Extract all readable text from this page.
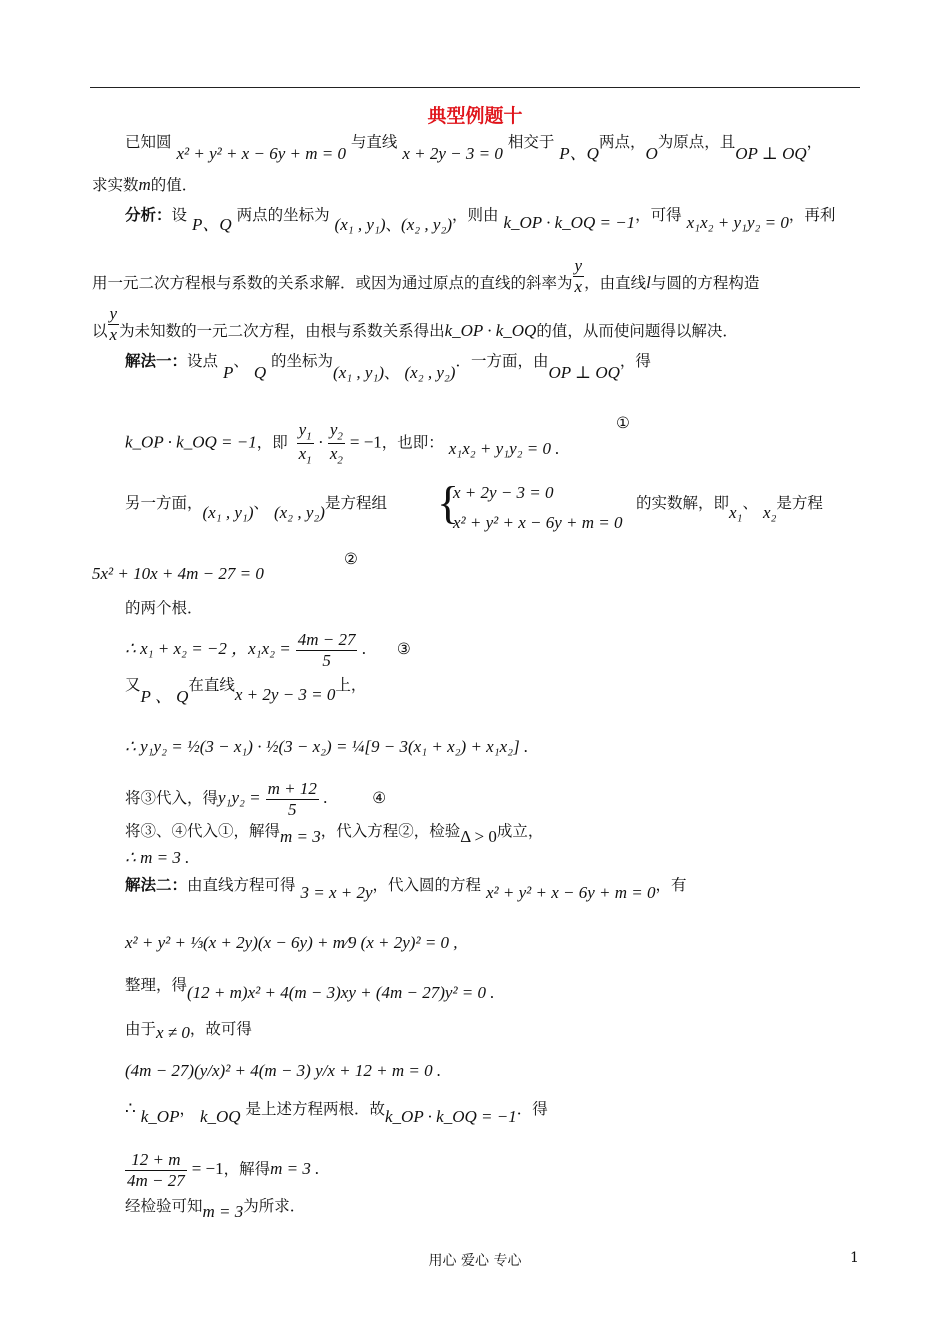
典型例题十
已知圆 x² + y² + x − 6y + m = 0 与直线 x + 2y − 3 = 0 相交于 P、Q两点，O为原点，且OP ⊥ OQ，
求实数m的值．
分析：设 P、Q 两点的坐标为 (x₁ , y₁)、(x₂ , y₂)，则由 k_OP · k_OQ = −1，可得 x₁x₂ + y₁y₂ = 0，再利
用一元二次方程根与系数的关系求解．或因为通过原点的直线的斜率为 $\frac{y}{x}$ ，由直线l与圆的方程构造
以 $\frac{y}{x}$ 为未知数的一元二次方程，由根与系数关系得出k_OP · k_OQ的值，从而使问题得以解决．
解法一：设点 P、 Q 的坐标为(x₁ , y₁)、 (x₂ , y₂)．一方面，由OP ⊥ OQ，得
k_OP · k_OQ = −1，即 $\frac{y_1}{x_1} \cdot \frac{y_2}{x_2} = -1$，也即： x₁x₂ + y₁y₂ = 0 .
①
另一方面，(x₁ , y₁)、 (x₂ , y₂)是方程组 {
x + 2y − 3 = 0
x² + y² + x − 6y + m = 0
的实数解，即x₁、 x₂是方程
5x² + 10x + 4m − 27 = 0
②
的两个根．
∴ x₁ + x₂ = −2 ，$x_1x_2 = \frac{4m - 27}{5}$ . ③
又P 、 Q在直线x + 2y − 3 = 0上，
∴ y₁y₂ = ½(3 − x₁) · ½(3 − x₂) = ¼[9 − 3(x₁ + x₂) + x₁x₂] .
将③代入，得$y_1y_2 = \frac{m + 12}{5}$ .	④
将③、④代入①，解得m = 3，代入方程②，检验Δ > 0成立，
∴ m = 3 .
解法二：由直线方程可得 3 = x + 2y，代入圆的方程 x² + y² + x − 6y + m = 0，有
x² + y² + ⅓(x + 2y)(x − 6y) + m⁄9 (x + 2y)² = 0 ,
整理，得(12 + m)x² + 4(m − 3)xy + (4m − 27)y² = 0 .
由于x ≠ 0，故可得
(4m − 27)(y/x)² + 4(m − 3) y/x + 12 + m = 0 .
∴ k_OP， k_OQ 是上述方程两根．故k_OP · k_OQ = −1．得
$\frac{12 + m}{4m - 27} = -1$，解得m = 3 .
经检验可知m = 3为所求．
用心 爱心 专心	1
